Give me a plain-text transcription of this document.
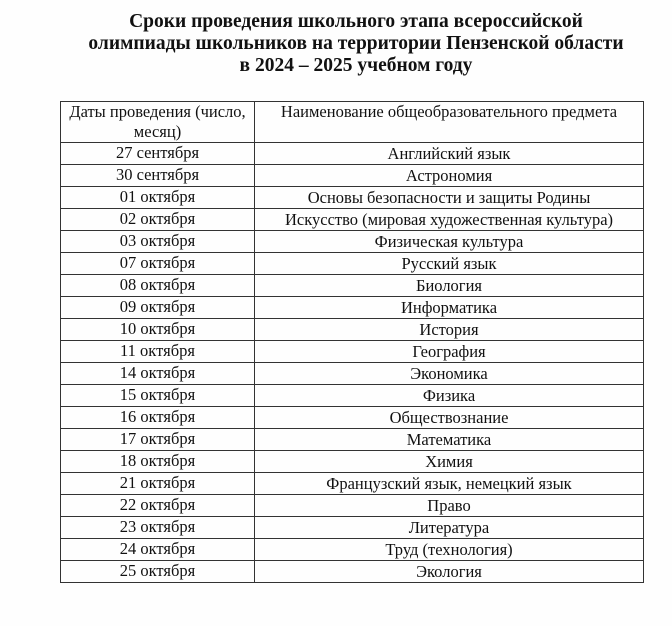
Сроки проведения школьного этапа всероссийской
олимпиады школьников на территории Пензенской области
в 2024 – 2025 учебном году
Даты проведения (число, месяц)	Наименование общеобразовательного предмета
27 сентября	Английский язык
30 сентября	Астрономия
01 октября	Основы безопасности и защиты Родины
02 октября	Искусство (мировая художественная культура)
03 октября	Физическая культура
07 октября	Русский язык
08 октября	Биология
09 октября	Информатика
10 октября	История
11 октября	География
14 октября	Экономика
15 октября	Физика
16 октября	Обществознание
17 октября	Математика
18 октября	Химия
21 октября	Французский язык, немецкий язык
22 октября	Право
23 октября	Литература
24 октября	Труд (технология)
25 октября	Экология
